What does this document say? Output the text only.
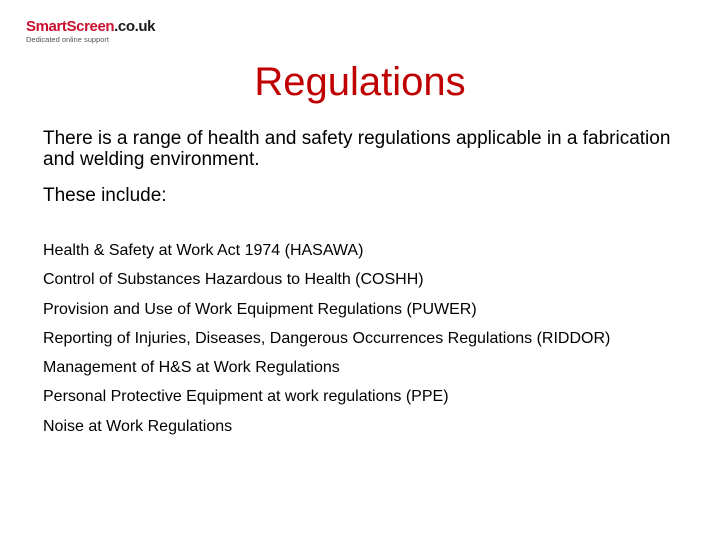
SmartScreen.co.uk
Dedicated online support
Regulations

There is a range of health and safety regulations applicable in a fabrication and welding environment.

These include:

Health & Safety at Work Act 1974 (HASAWA)
Control of Substances Hazardous to Health (COSHH)
Provision and Use of Work Equipment Regulations (PUWER)
Reporting of Injuries, Diseases, Dangerous Occurrences Regulations (RIDDOR)
Management of H&S at Work Regulations
Personal Protective Equipment at work regulations (PPE)
Noise at Work Regulations
